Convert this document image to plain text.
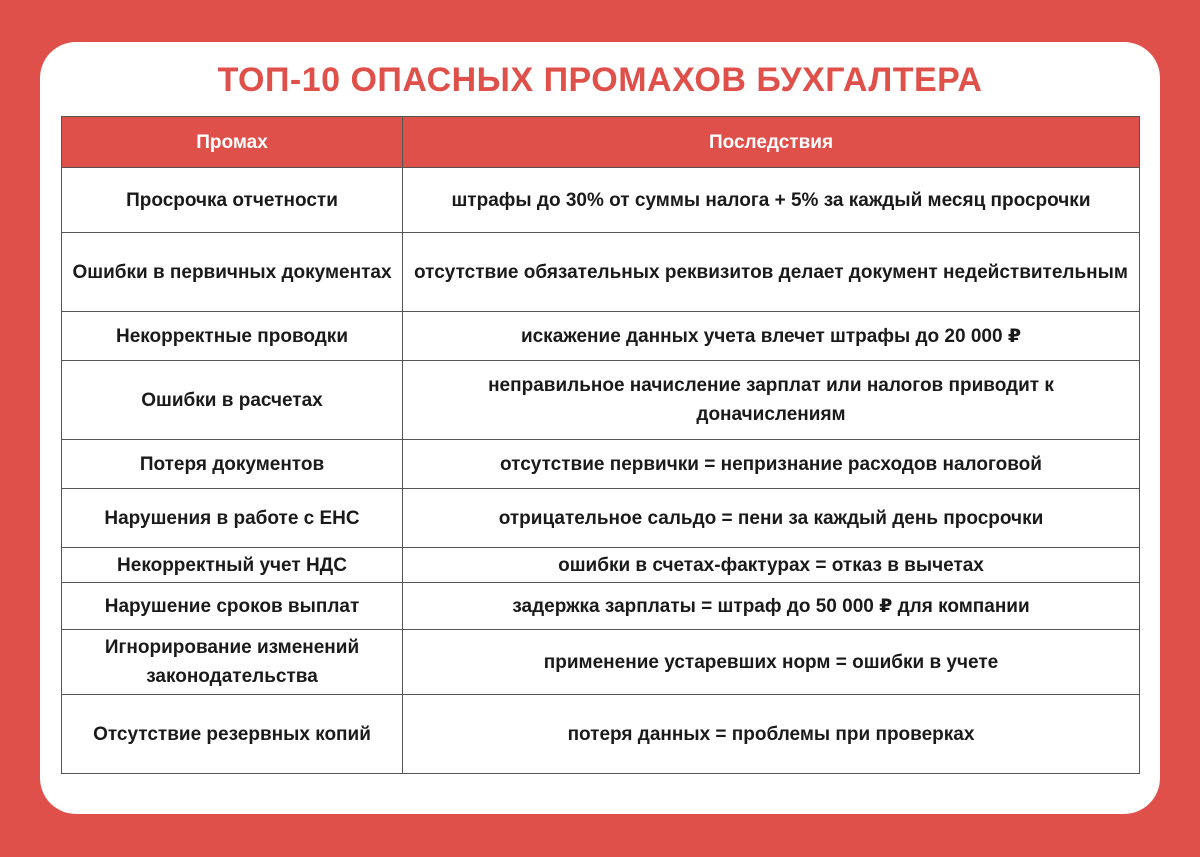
ТОП-10 ОПАСНЫХ ПРОМАХОВ БУХГАЛТЕРА
Промах	Последствия
Просрочка отчетности	штрафы до 30% от суммы налога + 5% за каждый месяц просрочки
Ошибки в первичных документах	отсутствие обязательных реквизитов делает документ недействительным
Некорректные проводки	искажение данных учета влечет штрафы до 20 000 ₽
Ошибки в расчетах	неправильное начисление зарплат или налогов приводит к доначислениям
Потеря документов	отсутствие первички = непризнание расходов налоговой
Нарушения в работе с ЕНС	отрицательное сальдо = пени за каждый день просрочки
Некорректный учет НДС	ошибки в счетах-фактурах = отказ в вычетах
Нарушение сроков выплат	задержка зарплаты = штраф до 50 000 ₽ для компании
Игнорирование изменений законодательства	применение устаревших норм = ошибки в учете
Отсутствие резервных копий	потеря данных = проблемы при проверках
